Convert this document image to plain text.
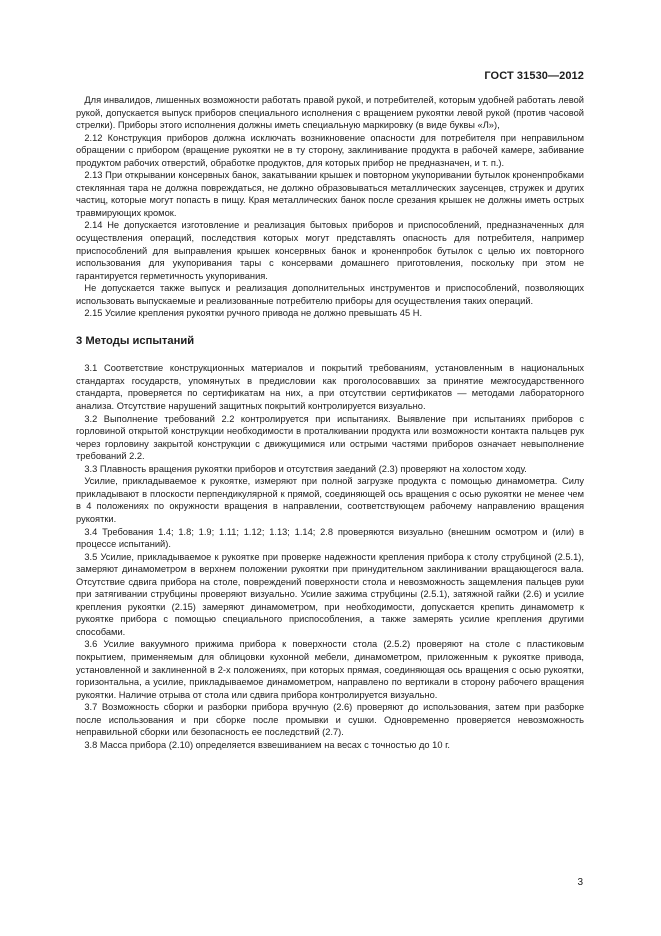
ГОСТ 31530—2012

Для инвалидов, лишенных возможности работать правой рукой, и потребителей, которым удобней работать левой рукой, допускается выпуск приборов специального исполнения с вращением рукоятки левой рукой (против часовой стрелки). Приборы этого исполнения должны иметь специальную маркировку (в виде буквы «Л»),

2.12 Конструкция приборов должна исключать возникновение опасности для потребителя при неправильном обращении с прибором (вращение рукоятки не в ту сторону, заклинивание продукта в рабочей камере, забивание продуктом рабочих отверстий, обработке продуктов, для которых прибор не предназначен, и т. п.).

2.13 При открывании консервных банок, закатывании крышек и повторном укупоривании бутылок кроненпробками стеклянная тара не должна повреждаться, не должно образовываться металлических заусенцев, стружек и других частиц, которые могут попасть в пищу. Края металлических банок после срезания крышек не должны иметь острых травмирующих кромок.

2.14 Не допускается изготовление и реализация бытовых приборов и приспособлений, предназначенных для осуществления операций, последствия которых могут представлять опасность для потребителя, например приспособлений для выправления крышек консервных банок и кроненпробок бутылок с целью их повторного использования для укупоривания тары с консервами домашнего приготовления, поскольку при этом не гарантируется герметичность укупоривания.

Не допускается также выпуск и реализация дополнительных инструментов и приспособлений, позволяющих использовать выпускаемые и реализованные потребителю приборы для осуществления таких операций.

2.15 Усилие крепления рукоятки ручного привода не должно превышать 45 Н.

3 Методы испытаний

3.1 Соответствие конструкционных материалов и покрытий требованиям, установленным в национальных стандартах государств, упомянутых в предисловии как проголосовавших за принятие межгосударственного стандарта, проверяется по сертификатам на них, а при отсутствии сертификатов — методами лабораторного анализа. Отсутствие нарушений защитных покрытий контролируется визуально.

3.2 Выполнение требований 2.2 контролируется при испытаниях. Выявление при испытаниях приборов с горловиной открытой конструкции необходимости в проталкивании продукта или возможности контакта пальцев рук через горловину закрытой конструкции с движущимися или острыми частями приборов означает невыполнение требований 2.2.

3.3 Плавность вращения рукоятки приборов и отсутствия заеданий (2.3) проверяют на холостом ходу.

Усилие, прикладываемое к рукоятке, измеряют при полной загрузке продукта с помощью динамометра. Силу прикладывают в плоскости перпендикулярной к прямой, соединяющей ось вращения с осью рукоятки не менее чем в 4 положениях по окружности вращения в направлении, соответствующем рабочему направлению вращения рукоятки.

3.4 Требования 1.4; 1.8; 1.9; 1.11; 1.12; 1.13; 1.14; 2.8 проверяются визуально (внешним осмотром и (или) в процессе испытаний).

3.5 Усилие, прикладываемое к рукоятке при проверке надежности крепления прибора к столу струбциной (2.5.1), замеряют динамометром в верхнем положении рукоятки при принудительном заклинивании вращающегося вала. Отсутствие сдвига прибора на столе, повреждений поверхности стола и невозможность защемления пальцев руки при затягивании струбцины проверяют визуально. Усилие зажима струбцины (2.5.1), затяжной гайки (2.6) и усилие крепления рукоятки (2.15) замеряют динамометром, при необходимости, допускается крепить динамометр к рукоятке прибора с помощью специального приспособления, а также замерять усилие крепления другими способами.

3.6 Усилие вакуумного прижима прибора к поверхности стола (2.5.2) проверяют на столе с пластиковым покрытием, применяемым для облицовки кухонной мебели, динамометром, приложенным к рукоятке привода, установленной и заклиненной в 2-х положениях, при которых прямая, соединяющая ось вращения с осью рукоятки, горизонтальна, а усилие, прикладываемое динамометром, направлено по вертикали в сторону рабочего вращения рукоятки. Наличие отрыва от стола или сдвига прибора контролируется визуально.

3.7 Возможность сборки и разборки прибора вручную (2.6) проверяют до использования, затем при разборке после использования и при сборке после промывки и сушки. Одновременно проверяется невозможность неправильной сборки или безопасность ее последствий (2.7).

3.8 Масса прибора (2.10) определяется взвешиванием на весах с точностью до 10 г.

3
